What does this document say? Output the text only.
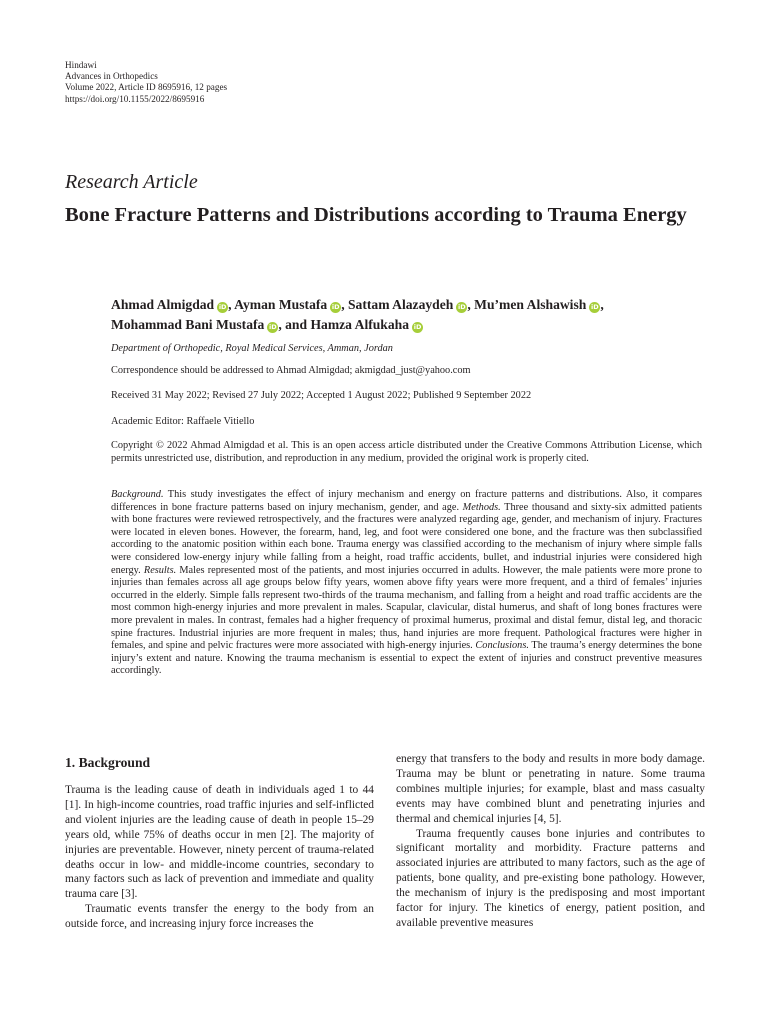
Hindawi
Advances in Orthopedics
Volume 2022, Article ID 8695916, 12 pages
https://doi.org/10.1155/2022/8695916
Research Article
Bone Fracture Patterns and Distributions according to Trauma Energy
Ahmad Almigdad iD , Ayman Mustafa iD , Sattam Alazaydeh iD , Mu’men Alshawish iD ,
Mohammad Bani Mustafa iD , and Hamza Alfukaha iD
Department of Orthopedic, Royal Medical Services, Amman, Jordan
Correspondence should be addressed to Ahmad Almigdad; akmigdad_just@yahoo.com
Received 31 May 2022; Revised 27 July 2022; Accepted 1 August 2022; Published 9 September 2022
Academic Editor: Raffaele Vitiello
Copyright © 2022 Ahmad Almigdad et al. This is an open access article distributed under the Creative Commons Attribution License, which permits unrestricted use, distribution, and reproduction in any medium, provided the original work is properly cited.
Background. This study investigates the effect of injury mechanism and energy on fracture patterns and distributions. Also, it compares differences in bone fracture patterns based on injury mechanism, gender, and age. Methods. Three thousand and sixty-six admitted patients with bone fractures were reviewed retrospectively, and the fractures were analyzed regarding age, gender, and mechanism of injury. Fractures were located in eleven bones. However, the forearm, hand, leg, and foot were considered one bone, and the fracture was then subclassified according to the anatomic position within each bone. Trauma energy was classified according to the mechanism of injury where simple falls were considered low-energy injury while falling from a height, road traffic accidents, bullet, and industrial injuries were considered high energy. Results. Males represented most of the patients, and most injuries occurred in adults. However, the male patients were more prone to injuries than females across all age groups below fifty years, women above fifty years were more frequent, and a third of females’ injuries occurred in the elderly. Simple falls represent two-thirds of the trauma mechanism, and falling from a height and road traffic accidents are the most common high-energy injuries and more prevalent in males. Scapular, clavicular, distal humerus, and shaft of long bones fractures were more prevalent in males. In contrast, females had a higher frequency of proximal humerus, proximal and distal femur, distal leg, and thoracic spine fractures. Industrial injuries are more frequent in males; thus, hand injuries are more frequent. Pathological fractures were higher in females, and spine and pelvic fractures were more associated with high-energy injuries. Conclusions. The trauma’s energy determines the bone injury’s extent and nature. Knowing the trauma mechanism is essential to expect the extent of injuries and construct preventive measures accordingly.
1. Background

Trauma is the leading cause of death in individuals aged 1 to 44 [1]. In high-income countries, road traffic injuries and self-inflicted and violent injuries are the leading cause of death in people 15–29 years old, while 75% of deaths occur in men [2]. The majority of injuries are preventable. However, ninety percent of trauma-related deaths occur in low- and middle-income countries, secondary to many factors such as lack of prevention and immediate and quality trauma care [3].

Traumatic events transfer the energy to the body from an outside force, and increasing injury force increases the

energy that transfers to the body and results in more body damage. Trauma may be blunt or penetrating in nature. Some trauma combines multiple injuries; for example, blast and mass casualty events may have combined blunt and penetrating injuries and thermal and chemical injuries [4, 5].

Trauma frequently causes bone injuries and contributes to significant mortality and morbidity. Fracture patterns and associated injuries are attributed to many factors, such as the age of patients, bone quality, and pre-existing bone pathology. However, the mechanism of injury is the predisposing and most important factor for injury. The kinetics of energy, patient position, and available preventive measures
